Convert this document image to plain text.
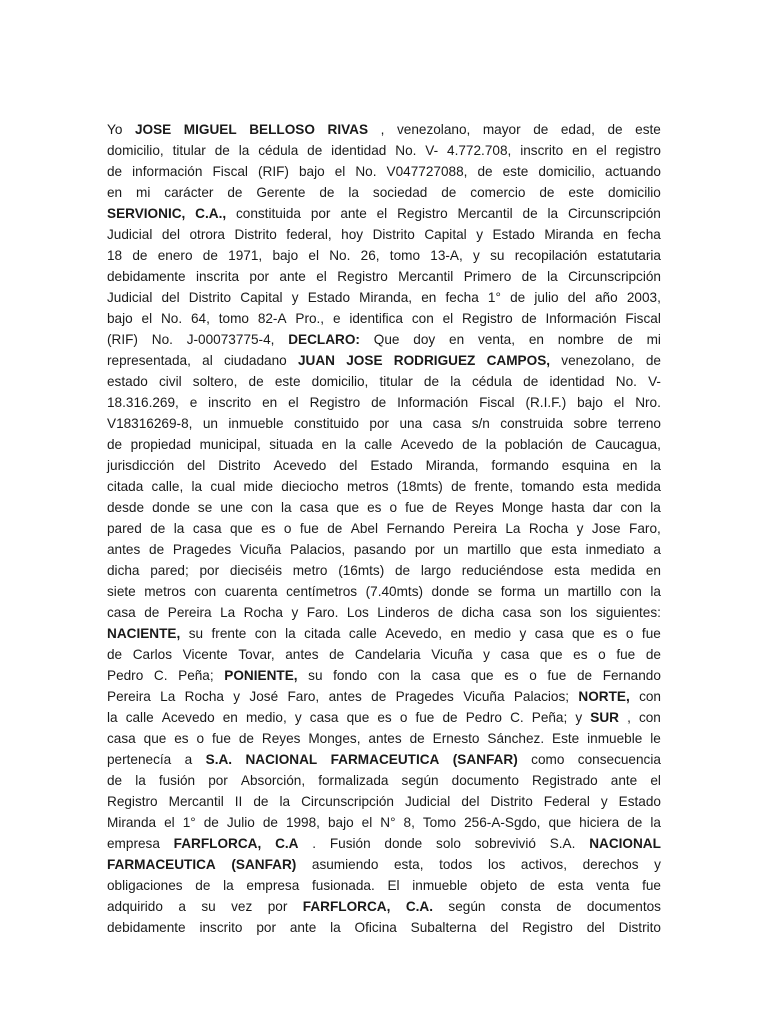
Yo JOSE MIGUEL BELLOSO RIVAS , venezolano, mayor de edad, de este
domicilio, titular de la cédula de identidad No. V- 4.772.708, inscrito en el registro
de información Fiscal (RIF) bajo el No. V047727088, de este domicilio, actuando
en mi carácter de Gerente de la sociedad de comercio de este domicilio
SERVIONIC, C.A., constituida por ante el Registro Mercantil de la Circunscripción
Judicial del otrora Distrito federal, hoy Distrito Capital y Estado Miranda en fecha
18 de enero de 1971, bajo el No. 26, tomo 13-A, y su recopilación estatutaria
debidamente inscrita por ante el Registro Mercantil Primero de la Circunscripción
Judicial del Distrito Capital y Estado Miranda, en fecha 1° de julio del año 2003,
bajo el No. 64, tomo 82-A Pro., e identifica con el Registro de Información Fiscal
(RIF) No. J-00073775-4, DECLARO: Que doy en venta, en nombre de mi
representada, al ciudadano JUAN JOSE RODRIGUEZ CAMPOS, venezolano, de
estado civil soltero, de este domicilio, titular de la cédula de identidad No. V-
18.316.269, e inscrito en el Registro de Información Fiscal (R.I.F.) bajo el Nro.
V18316269-8, un inmueble constituido por una casa s/n construida sobre terreno
de propiedad municipal, situada en la calle Acevedo de la población de Caucagua,
jurisdicción del Distrito Acevedo del Estado Miranda, formando esquina en la
citada calle, la cual mide dieciocho metros (18mts) de frente, tomando esta medida
desde donde se une con la casa que es o fue de Reyes Monge hasta dar con la
pared de la casa que es o fue de Abel Fernando Pereira La Rocha y Jose Faro,
antes de Pragedes Vicuña Palacios, pasando por un martillo que esta inmediato a
dicha pared; por dieciséis metro (16mts) de largo reduciéndose esta medida en
siete metros con cuarenta centímetros (7.40mts) donde se forma un martillo con la
casa de Pereira La Rocha y Faro. Los Linderos de dicha casa son los siguientes:
NACIENTE, su frente con la citada calle Acevedo, en medio y casa que es o fue
de Carlos Vicente Tovar, antes de Candelaria Vicuña y casa que es o fue de
Pedro C. Peña; PONIENTE, su fondo con la casa que es o fue de Fernando
Pereira La Rocha y José Faro, antes de Pragedes Vicuña Palacios; NORTE, con
la calle Acevedo en medio, y casa que es o fue de Pedro C. Peña; y SUR , con
casa que es o fue de Reyes Monges, antes de Ernesto Sánchez. Este inmueble le
pertenecía a S.A. NACIONAL FARMACEUTICA (SANFAR) como consecuencia
de la fusión por Absorción, formalizada según documento Registrado ante el
Registro Mercantil II de la Circunscripción Judicial del Distrito Federal y Estado
Miranda el 1° de Julio de 1998, bajo el N° 8, Tomo 256-A-Sgdo, que hiciera de la
empresa FARFLORCA, C.A . Fusión donde solo sobrevivió S.A. NACIONAL
FARMACEUTICA (SANFAR) asumiendo esta, todos los activos, derechos y
obligaciones de la empresa fusionada. El inmueble objeto de esta venta fue
adquirido a su vez por FARFLORCA, C.A. según consta de documentos
debidamente inscrito por ante la Oficina Subalterna del Registro del Distrito
